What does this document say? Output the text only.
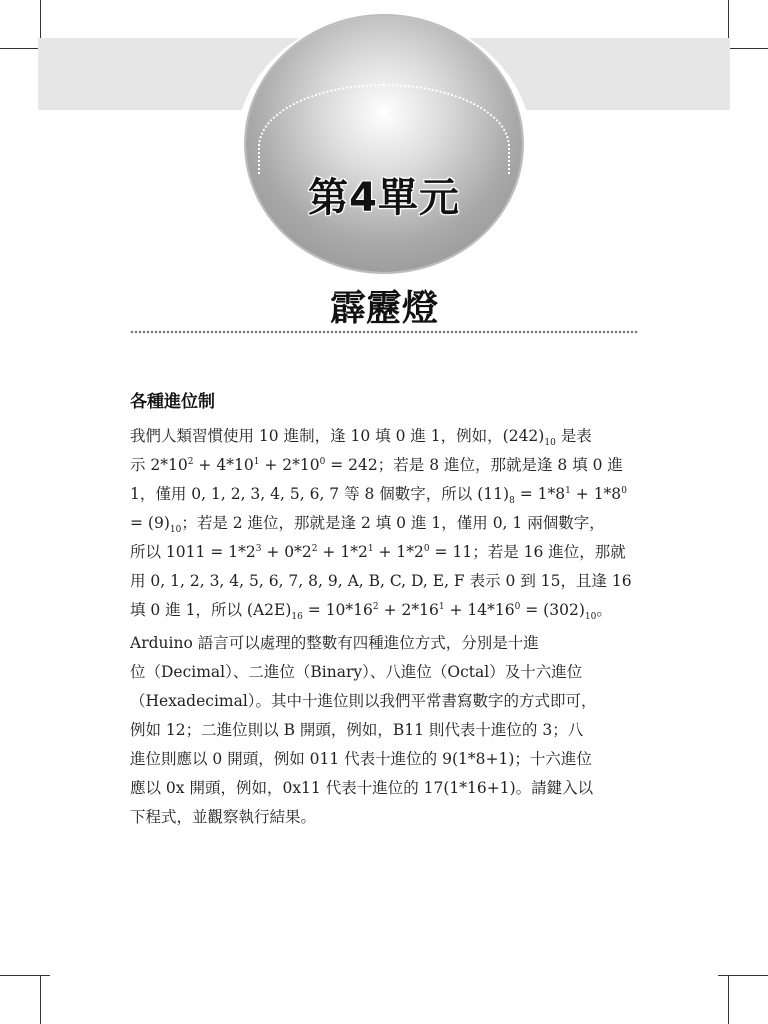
第4單元
霹靂燈
各種進位制
我們人類習慣使用 10 進制，逢 10 填 0 進 1，例如，$(242)_{10}$ 是表
示 $2*10^2 + 4*10^1 + 2*10^0 = 242$；若是 8 進位，那就是逢 8 填 0 進
1，僅用 0, 1, 2, 3, 4, 5, 6, 7 等 8 個數字，所以 $(11)_8 = 1*8^1 + 1*8^0$
= $(9)_{10}$；若是 2 進位，那就是逢 2 填 0 進 1，僅用 0, 1 兩個數字，
所以 $1011 = 1*2^3 + 0*2^2 + 1*2^1 + 1*2^0 = 11$；若是 16 進位，那就
用 0, 1, 2, 3, 4, 5, 6, 7, 8, 9, A, B, C, D, E, F 表示 0 到 15，且逢 16
填 0 進 1，所以 $(A2E)_{16} = 10*16^2 + 2*16^1 + 14*16^0 = (302)_{10}$。
Arduino 語言可以處理的整數有四種進位方式，分別是十進
位（Decimal）、二進位（Binary）、八進位（Octal）及十六進位
（Hexadecimal）。其中十進位則以我們平常書寫數字的方式即可，
例如 12；二進位則以 B 開頭，例如，B11 則代表十進位的 3；八
進位則應以 0 開頭，例如 011 代表十進位的 9(1*8+1)；十六進位
應以 0x 開頭，例如，0x11 代表十進位的 17(1*16+1)。請鍵入以
下程式，並觀察執行結果。
